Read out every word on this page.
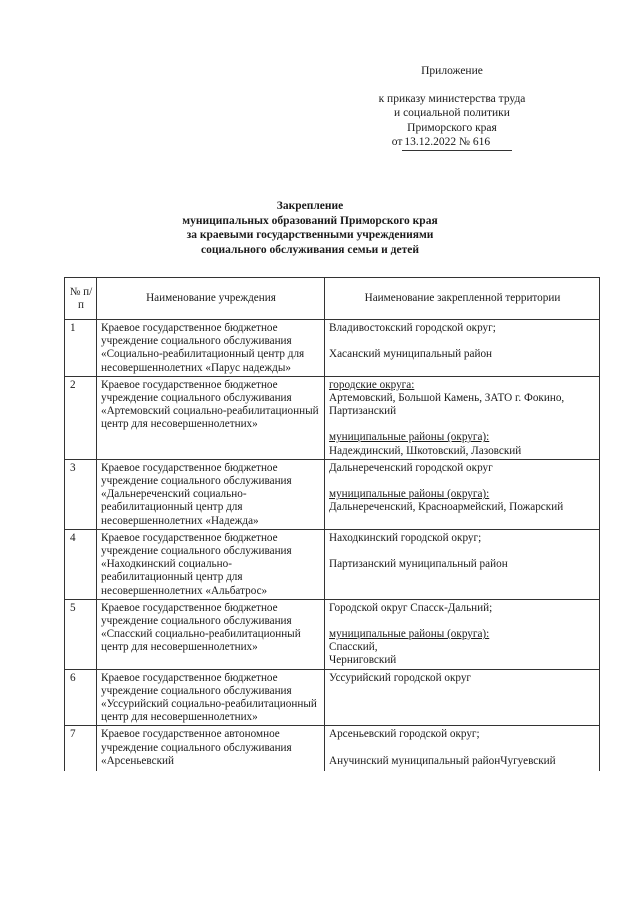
Приложение
к приказу министерства труда
и социальной политики
Приморского края
от 13.12.2022 № 616
Закрепление
муниципальных образований Приморского края
за краевыми государственными учреждениями
социального обслуживания семьи и детей
№ п/п	Наименование учреждения	Наименование закрепленной территории
1	Краевое государственное бюджетное учреждение социального обслуживания «Социально-реабилитационный центр для несовершеннолетних «Парус надежды»	Владивостокский городской округ;
Хасанский муниципальный район

2	Краевое государственное бюджетное учреждение социального обслуживания «Артемовский социально-реабилитационный центр для несовершеннолетних»	городские округа:
Артемовский, Большой Камень, ЗАТО г. Фокино, Партизанский
муниципальные районы (округа):
Надеждинский, Шкотовский, Лазовский

3	Краевое государственное бюджетное учреждение социального обслуживания «Дальнереченский социально-реабилитационный центр для несовершеннолетних «Надежда»	Дальнереченский городской округ
муниципальные районы (округа):
Дальнереченский, Красноармейский, Пожарский

4	Краевое государственное бюджетное учреждение социального обслуживания «Находкинский социально-реабилитационный центр для несовершеннолетних «Альбатрос»	Находкинский городской округ;
Партизанский муниципальный район

5	Краевое государственное бюджетное учреждение социального обслуживания «Спасский социально-реабилитационный центр для несовершеннолетних»	Городской округ Спасск-Дальний;
муниципальные районы (округа):
Спасский,
Черниговский

6	Краевое государственное бюджетное учреждение социального обслуживания «Уссурийский социально-реабилитационный центр для несовершеннолетних»	Уссурийский городской округ

7	Краевое государственное автономное учреждение социального обслуживания «Арсеньевский	Арсеньевский городской округ;
Анучинский муниципальный районЧугуевский
